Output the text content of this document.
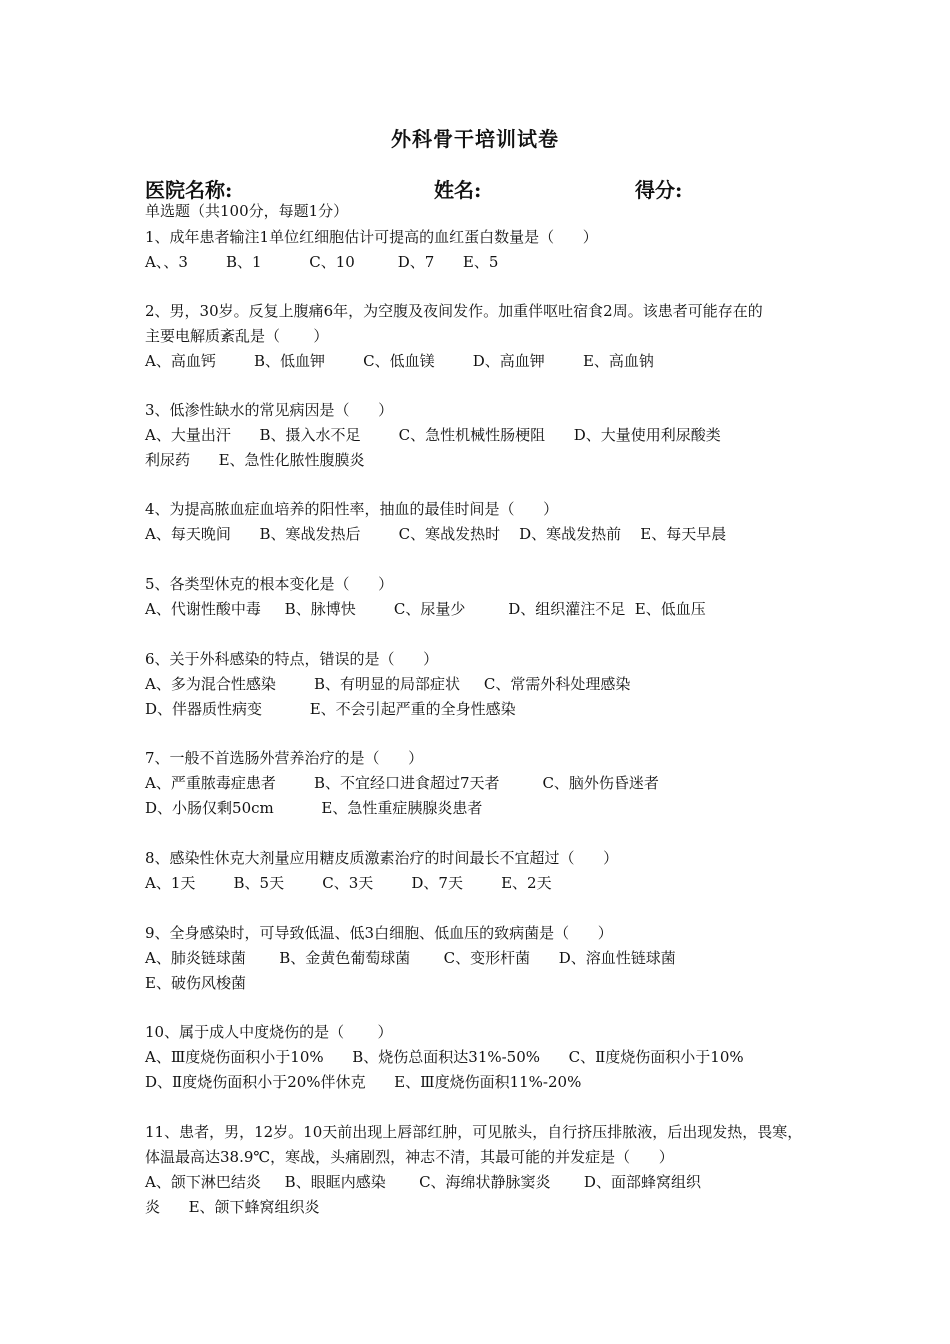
外科骨干培训试卷
医院名称:	姓名:	得分:
单选题（共100分，每题1分）
1、成年患者输注1单位红细胞估计可提高的血红蛋白数量是（      ）
A、、3        B、1          C、10         D、7      E、5
2、男，30岁。反复上腹痛6年，为空腹及夜间发作。加重伴呕吐宿食2周。该患者可能存在的
主要电解质紊乱是（       ）
A、高血钙        B、低血钾        C、低血镁        D、高血钾        E、高血钠
3、低渗性缺水的常见病因是（      ）
A、大量出汗      B、摄入水不足        C、急性机械性肠梗阻      D、大量使用利尿酸类
利尿药      E、急性化脓性腹膜炎
4、为提高脓血症血培养的阳性率，抽血的最佳时间是（      ）
A、每天晚间      B、寒战发热后        C、寒战发热时    D、寒战发热前    E、每天早晨
5、各类型休克的根本变化是（      ）
A、代谢性酸中毒     B、脉博快        C、尿量少         D、组织灌注不足  E、低血压
6、关于外科感染的特点，错误的是（      ）
A、多为混合性感染        B、有明显的局部症状     C、常需外科处理感染
D、伴器质性病变          E、不会引起严重的全身性感染
7、一般不首选肠外营养治疗的是（      ）
A、严重脓毒症患者        B、不宜经口进食超过7天者         C、脑外伤昏迷者
D、小肠仅剩50cm          E、急性重症胰腺炎患者
8、感染性休克大剂量应用糖皮质激素治疗的时间最长不宜超过（      ）
A、1天        B、5天        C、3天        D、7天        E、2天
9、全身感染时，可导致低温、低3白细胞、低血压的致病菌是（      ）
A、肺炎链球菌       B、金黄色葡萄球菌       C、变形杆菌      D、溶血性链球菌
E、破伤风梭菌
10、属于成人中度烧伤的是（       ）
A、Ⅲ度烧伤面积小于10%      B、烧伤总面积达31%-50%      C、Ⅱ度烧伤面积小于10%
D、Ⅱ度烧伤面积小于20%伴休克      E、Ⅲ度烧伤面积11%-20%
11、患者，男，12岁。10天前出现上唇部红肿，可见脓头，自行挤压排脓液，后出现发热，畏寒，
体温最高达38.9℃，寒战，头痛剧烈，神志不清，其最可能的并发症是（      ）
A、颌下淋巴结炎     B、眼眶内感染       C、海绵状静脉窦炎       D、面部蜂窝组织
炎      E、颌下蜂窝组织炎
